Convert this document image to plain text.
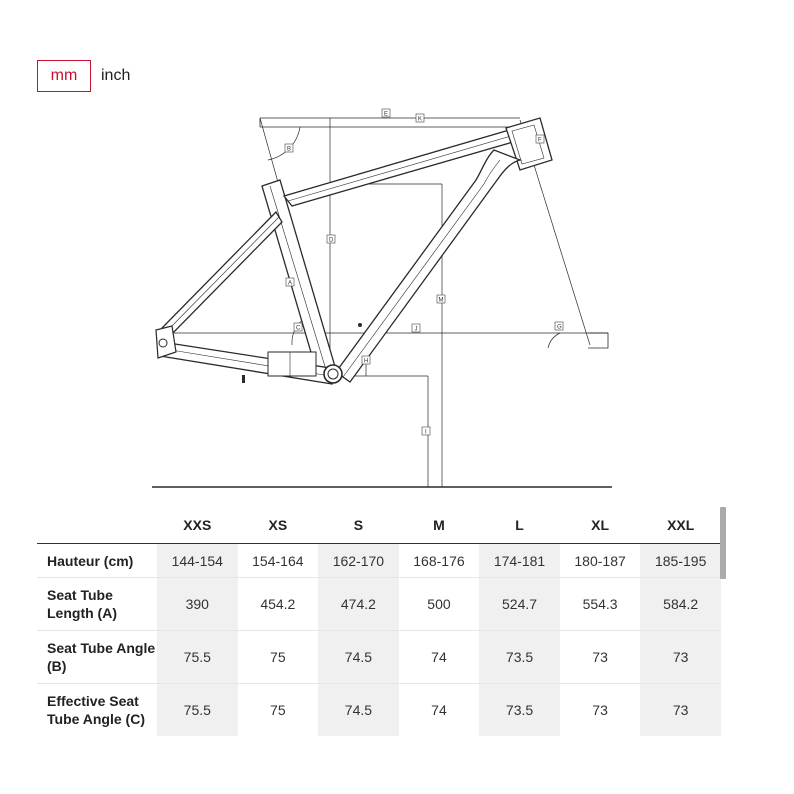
mm	inch
E
K
F
B
D
M
A
C	J	G
H
I
	XXS	XS	S	M	L	XL	XXL
Hauteur (cm)	144-154	154-164	162-170	168-176	174-181	180-187	185-195
Seat Tube Length (A)	390	454.2	474.2	500	524.7	554.3	584.2
Seat Tube Angle (B)	75.5	75	74.5	74	73.5	73	73
Effective Seat Tube Angle (C)	75.5	75	74.5	74	73.5	73	73
